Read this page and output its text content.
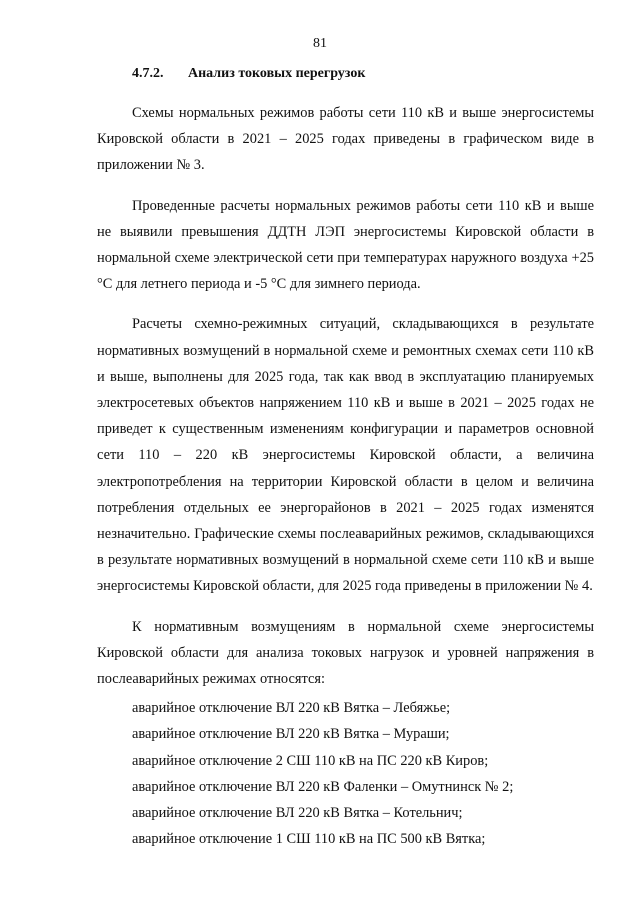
81
4.7.2. Анализ токовых перегрузок

Схемы нормальных режимов работы сети 110 кВ и выше энергосистемы Кировской области в 2021 – 2025 годах приведены в графическом виде в приложении № 3.

Проведенные расчеты нормальных режимов работы сети 110 кВ и выше не выявили превышения ДДТН ЛЭП энергосистемы Кировской области в нормальной схеме электрической сети при температурах наружного воздуха +25 °С для летнего периода и -5 °С для зимнего периода.

Расчеты схемно-режимных ситуаций, складывающихся в результате нормативных возмущений в нормальной схеме и ремонтных схемах сети 110 кВ и выше, выполнены для 2025 года, так как ввод в эксплуатацию планируемых электросетевых объектов напряжением 110 кВ и выше в 2021 – 2025 годах не приведет к существенным изменениям конфигурации и параметров основной сети 110 – 220 кВ энергосистемы Кировской области, а величина электропотребления на территории Кировской области в целом и величина потребления отдельных ее энергорайонов в 2021 – 2025 годах изменятся незначительно. Графические схемы послеаварийных режимов, складывающихся в результате нормативных возмущений в нормальной схеме сети 110 кВ и выше энергосистемы Кировской области, для 2025 года приведены в приложении № 4.

К нормативным возмущениям в нормальной схеме энергосистемы Кировской области для анализа токовых нагрузок и уровней напряжения в послеаварийных режимах относятся:

аварийное отключение ВЛ 220 кВ Вятка – Лебяжье;
аварийное отключение ВЛ 220 кВ Вятка – Мураши;
аварийное отключение 2 СШ 110 кВ на ПС 220 кВ Киров;
аварийное отключение ВЛ 220 кВ Фаленки – Омутнинск № 2;
аварийное отключение ВЛ 220 кВ Вятка – Котельнич;
аварийное отключение 1 СШ 110 кВ на ПС 500 кВ Вятка;
